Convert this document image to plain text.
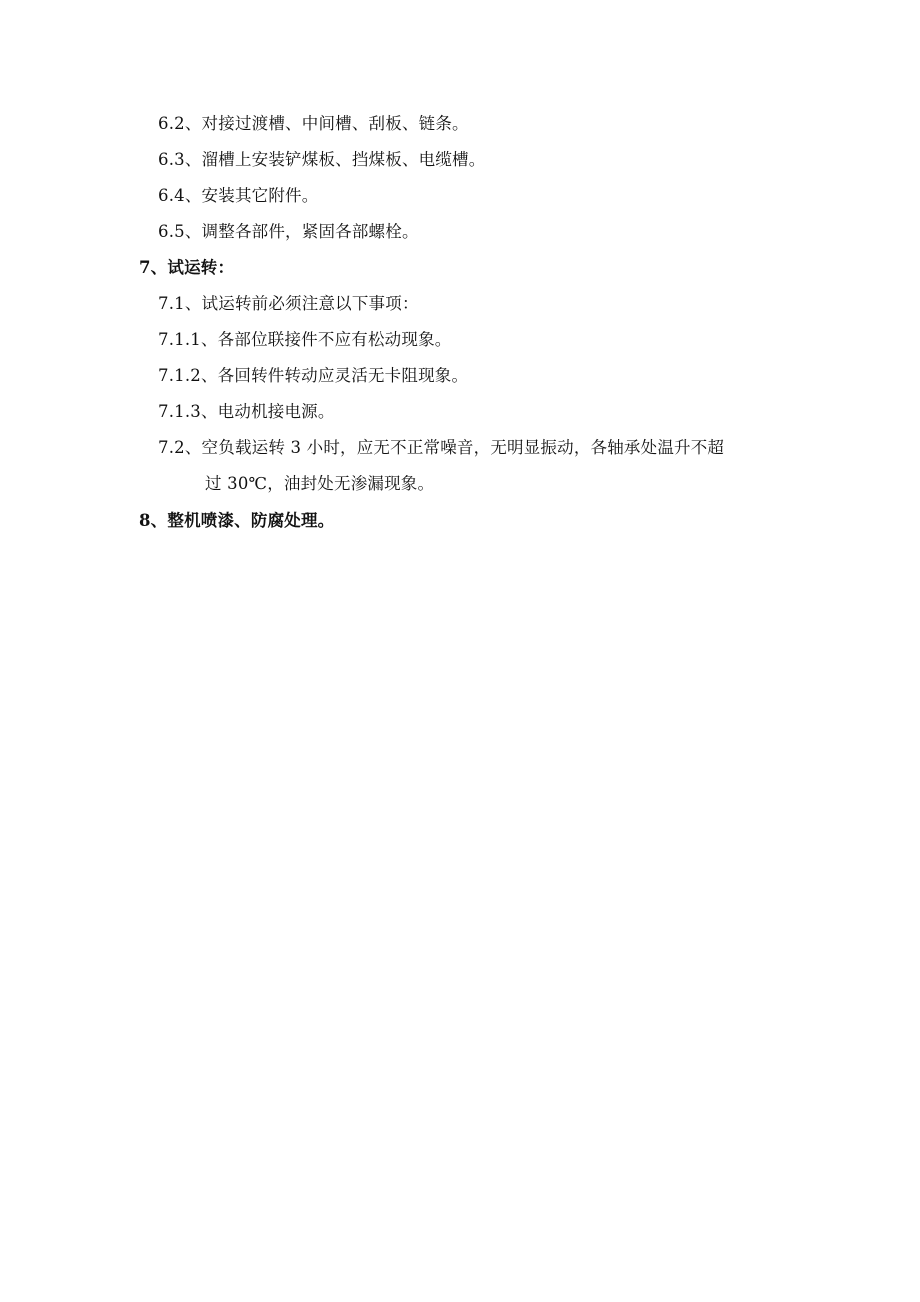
6.2、对接过渡槽、中间槽、刮板、链条。
6.3、溜槽上安装铲煤板、挡煤板、电缆槽。
6.4、安装其它附件。
6.5、调整各部件，紧固各部螺栓。
7、试运转：
7.1、试运转前必须注意以下事项：
7.1.1、各部位联接件不应有松动现象。
7.1.2、各回转件转动应灵活无卡阻现象。
7.1.3、电动机接电源。
7.2、空负载运转 3 小时，应无不正常噪音，无明显振动，各轴承处温升不超
过 30℃，油封处无渗漏现象。
8、整机喷漆、防腐处理。
